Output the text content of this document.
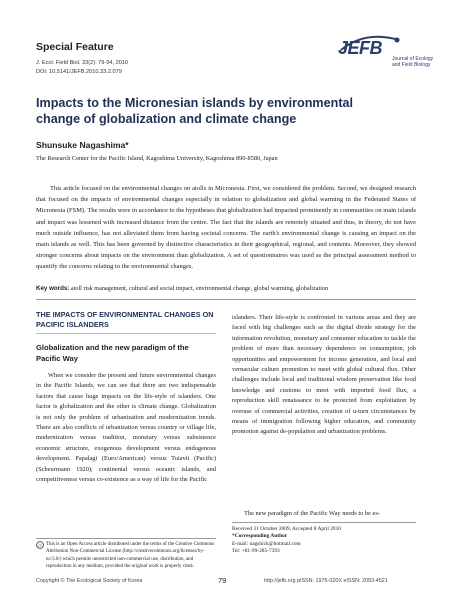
Special Feature
J. Ecol. Field Biol. 33(2): 79-94, 2010
DOI: 10.5141/JEFB.2010.33.2.079
JEFB
Journal of Ecology and Field Biology
Impacts to the Micronesian islands by environmental change of globalization and climate change
Shunsuke Nagashima*
The Research Center for the Pacific Island, Kagoshima University, Kagoshima 890-8580, Japan
This article focused on the environmental changes on atolls in Micronesia. First, we considered the problem. Second, we designed research that focused on the impacts of environmental changes especially in relation to globalization and global warming in the Federated States of Micronesia (FSM). The results were in accordance to the hypotheses that globalization had impacted prominently in communities on main islands and impact was lessened with increased distance from the centre. The fact that the islands are remotely situated and thus, in theory, do not have much outside influence, has not alleviated them from having societal concerns. The earth's environmental change is causing an impact on the main islands as well. This has been governed by distinctive characteristics in their geographical, regional, and contents. Moreover, they showed stronger concerns about impacts on the environment than globalization. A set of questionnaires was used as the principal assessment method to quantify the concerns relating to the environmental changes.
Key words: atoll risk management, cultural and social impact, environmental change, global warming, globalization
THE IMPACTS OF ENVIRONMENTAL CHANGES ON PACIFIC ISLANDERS
Globalization and the new paradigm of the Pacific Way
When we consider the present and future environmental changes in the Pacific Islands, we can see that there are two indispensable factors that cause huge impacts on the life-style of islanders. One factor is globalization and the other is climate change. Globalization is not only the problem of urbanization and modernization trends. There are also conflicts of urbanization versus country or village life, modernization versus tradition, monetary versus subsistence economic structure, exogenous development versus endogenous development. Papalagi (Euro/American) versus Tuiavii (Pacific) (Scheurmann 1920); continental versus oceanic islands, and competitiveness versus co-existence as a way of life for the Pacific

islanders. Their life-style is confronted in various areas and they are faced with big challenges such as the digital divide strategy for the information revolution, monetary and consumer education to tackle the problem of more than necessary dependence on consumption, job opportunities and empowerment for income generation, and local and vernacular culture promotion to meet with global cultural flux. Other challenges include local and traditional wisdom preservation like food knowledge and customs to meet with imported food flux, a reproduction skill renaissance to be protected from exploitation by overuse of commercial activities, creation of u-turn circumstances by means of immigration following higher education, and community promotion against de-population and urbanization problems.

The new paradigm of the Pacific Way needs to be es-
cc This is an Open Access article distributed under the terms of the Creative Commons Attribution Non-Commercial License (http://creativecommons.org/licenses/by-nc/3.0/) which permits unrestricted non-commercial use, distribution, and reproduction in any medium, provided the original work is properly cited.
Received 31 October 2009, Accepted 8 April 2010
*Corresponding Author
E-mail: nagshick@hotmail.com
Tel: +81-99-285-7393
Copyright © The Ecological Society of Korea	79	http://jefb.org pISSN: 1975-020X eISSN: 2093-4521
